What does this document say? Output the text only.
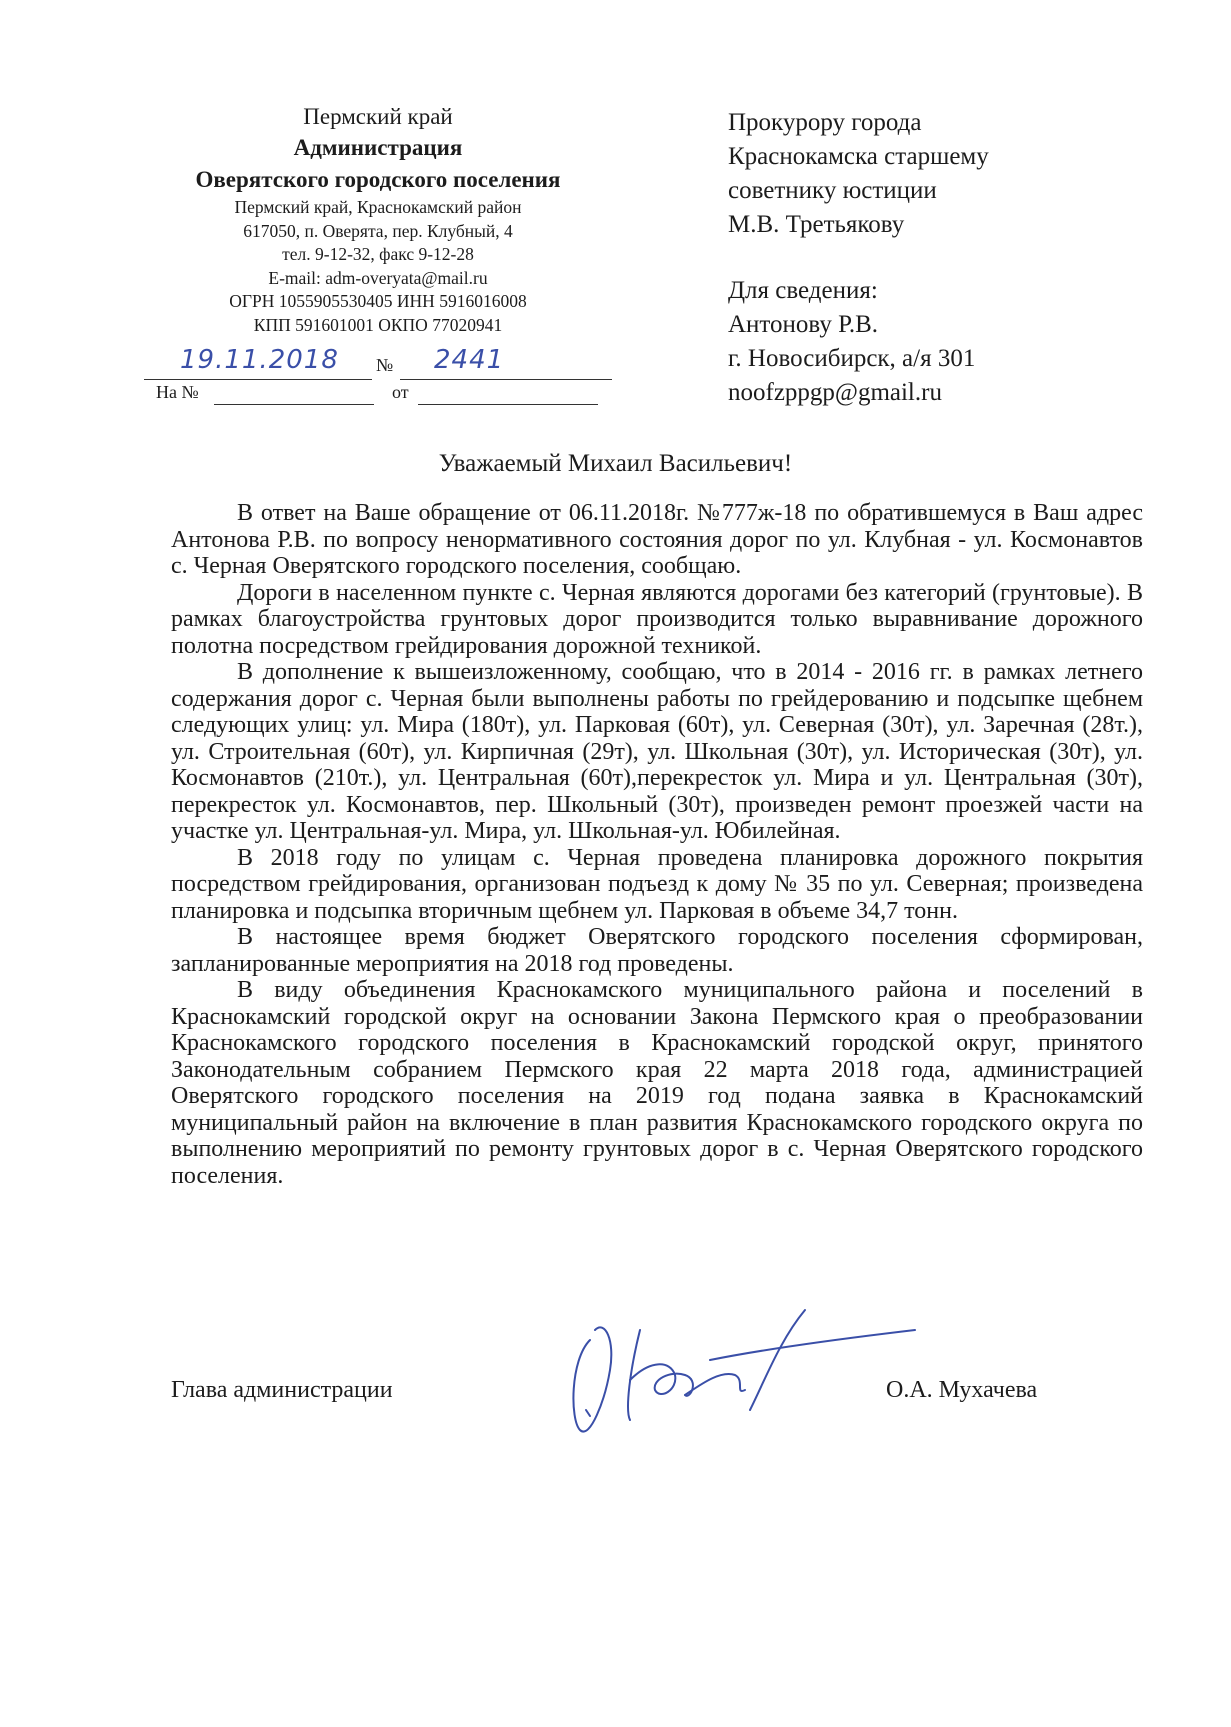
Пермский край
Администрация
Оверятского городского поселения
Пермский край, Краснокамский район
617050, п. Оверята, пер. Клубный, 4
тел. 9-12-32, факс 9-12-28
E-mail: adm-overyata@mail.ru
ОГРН 1055905530405 ИНН 5916016008
КПП 591601001 ОКПО 77020941
19.11.2018 № 2441
На №	от
Прокурору города
Краснокамска старшему
советнику юстиции
М.В. Третьякову
Для сведения:
Антонову Р.В.
г. Новосибирск, а/я 301
noofzppgp@gmail.ru
Уважаемый Михаил Васильевич!

В ответ на Ваше обращение от 06.11.2018г. №777ж-18 по обратившемуся в Ваш адрес Антонова Р.В. по вопросу ненормативного состояния дорог по ул. Клубная - ул. Космонавтов с. Черная Оверятского городского поселения, сообщаю.

Дороги в населенном пункте с. Черная являются дорогами без категорий (грунтовые). В рамках благоустройства грунтовых дорог производится только выравнивание дорожного полотна посредством грейдирования дорожной техникой.

В дополнение к вышеизложенному, сообщаю, что в 2014 - 2016 гг. в рамках летнего содержания дорог с. Черная были выполнены работы по грейдерованию и подсыпке щебнем следующих улиц: ул. Мира (180т), ул. Парковая (60т), ул. Северная (30т), ул. Заречная (28т.), ул. Строительная (60т), ул. Кирпичная (29т), ул. Школьная (30т), ул. Историческая (30т), ул. Космонавтов (210т.), ул. Центральная (60т),перекресток ул. Мира и ул. Центральная (30т), перекресток ул. Космонавтов, пер. Школьный (30т), произведен ремонт проезжей части на участке ул. Центральная-ул. Мира, ул. Школьная-ул. Юбилейная.

В 2018 году по улицам с. Черная проведена планировка дорожного покрытия посредством грейдирования, организован подъезд к дому № 35 по ул. Северная; произведена планировка и подсыпка вторичным щебнем ул. Парковая в объеме 34,7 тонн.

В настоящее время бюджет Оверятского городского поселения сформирован, запланированные мероприятия на 2018 год проведены.

В виду объединения Краснокамского муниципального района и поселений в Краснокамский городской округ на основании Закона Пермского края о преобразовании Краснокамского городского поселения в Краснокамский городской округ, принятого Законодательным собранием Пермского края 22 марта 2018 года, администрацией Оверятского городского поселения на 2019 год подана заявка в Краснокамский муниципальный район на включение в план развития Краснокамского городского округа по выполнению мероприятий по ремонту грунтовых дорог в с. Черная Оверятского городского поселения.

Глава администрации	О.А. Мухачева
